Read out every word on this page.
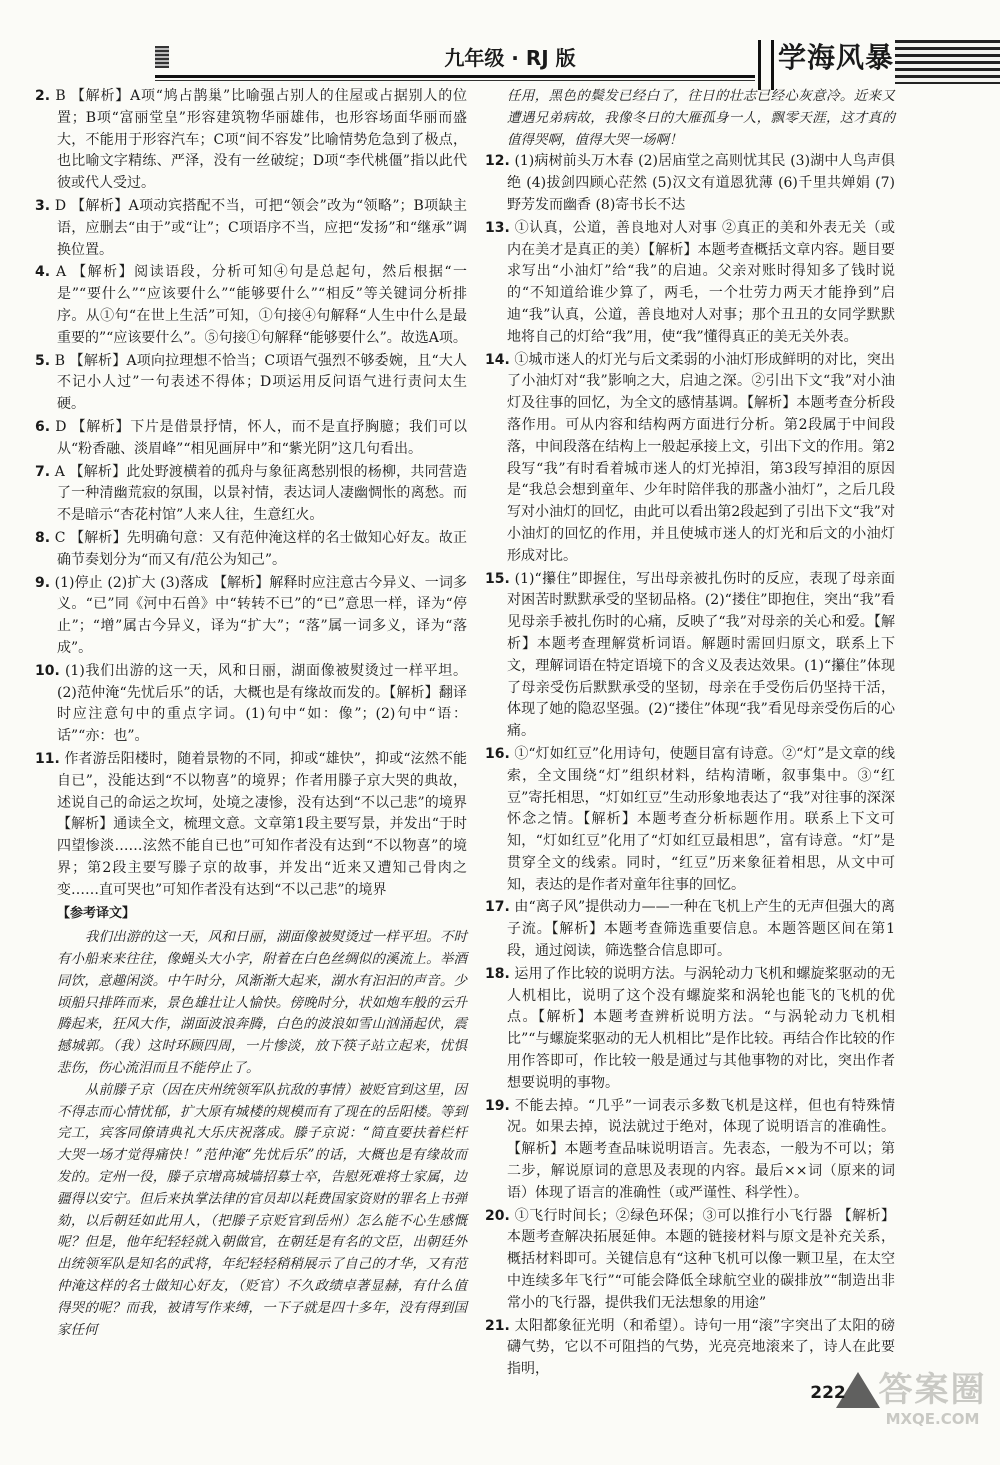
九年级 · RJ 版	学海风暴

2. B 【解析】A项“鸠占鹊巢”比喻强占别人的住屋或占据别人的位置；B项“富丽堂皇”形容建筑物华丽雄伟，也形容场面华丽而盛大，不能用于形容汽车；C项“间不容发”比喻情势危急到了极点，也比喻文字精练、严泽，没有一丝破绽；D项“李代桃僵”指以此代彼或代人受过。

3. D 【解析】A项动宾搭配不当，可把“领会”改为“领略”；B项缺主语，应删去“由于”或“让”；C项语序不当，应把“发扬”和“继承”调换位置。

4. A 【解析】阅读语段，分析可知④句是总起句，然后根据“一是”“要什么”“应该要什么”“能够要什么”“相反”等关键词分析排序。从①句“在世上生活”可知，①句接④句解释“人生中什么是最重要的”“应该要什么”。⑤句接①句解释“能够要什么”。故选A项。

5. B 【解析】A项向拉理想不恰当；C项语气强烈不够委婉，且“大人不记小人过”一句表述不得体；D项运用反问语气进行责问太生硬。

6. D 【解析】下片是借景抒情，怀人，而不是直抒胸臆；我们可以从“粉香融、淡眉峰”“相见画屏中”和“紫光阴”这几句看出。

7. A 【解析】此处野渡横着的孤舟与象征离愁别恨的杨柳，共同营造了一种清幽荒寂的氛围，以景衬情，表达词人凄幽惆怅的离愁。而不是暗示“杏花村馆”人来人往，生意红火。

8. C 【解析】先明确句意：又有范仲淹这样的名士做知心好友。故正确节奏划分为“而又有/范公为知己”。

9. (1)停止 (2)扩大 (3)落成 【解析】解释时应注意古今异义、一词多义。“已”同《河中石兽》中“转转不已”的“已”意思一样，译为“停止”；“增”属古今异义，译为“扩大”；“落”属一词多义，译为“落成”。

10. (1)我们出游的这一天，风和日丽，湖面像被熨烫过一样平坦。(2)范仲淹“先忧后乐”的话，大概也是有缘故而发的。【解析】翻译时应注意句中的重点字词。(1)句中“如：像”；(2)句中“语：话”“亦：也”。

11. 作者游岳阳楼时，随着景物的不同，抑或“雄快”，抑或“泫然不能自已”，没能达到“不以物喜”的境界；作者用滕子京大哭的典故，述说自己的命运之坎坷，处境之凄惨，没有达到“不以己悲”的境界 【解析】通读全文，梳理文意。文章第1段主要写景，并发出“于时四望惨淡……泫然不能自已也”可知作者没有达到“不以物喜”的境界；第2段主要写滕子京的故事，并发出“近来又遭知己骨肉之变……直可哭也”可知作者没有达到“不以己悲”的境界

【参考译文】

我们出游的这一天，风和日丽，湖面像被熨烫过一样平坦。不时有小船来来往往，像蝇头大小字，附着在白色丝绸似的溪流上。举酒同饮，意趣闲淡。中午时分，风渐渐大起来，湖水有汩汩的声音。少顷船只排阵而来，景色雄壮让人愉快。傍晚时分，状如炮车般的云升腾起来，狂风大作，湖面波浪奔腾，白色的波浪如雪山汹涌起伏，震撼城郭。（我）这时环顾四周，一片惨淡，放下筷子站立起来，忧惧悲伤，伤心流泪而且不能停止了。

从前滕子京（因在庆州统领军队抗敌的事情）被贬官到这里，因不得志而心情忧郁，扩大原有城楼的规模而有了现在的岳阳楼。等到完工，宾客同僚请典礼大乐庆祝落成。滕子京说：“简直要扶着栏杆大哭一场才觉得痛快！”范仲淹“先忧后乐”的话，大概也是有缘故而发的。定州一役，滕子京增高城墙招募士卒，告慰死难将士家属，边疆得以安宁。但后来执掌法律的官员却以耗费国家资财的罪名上书弹劾，以后朝廷如此用人，（把滕子京贬官到岳州）怎么能不心生感慨呢？但是，他年纪轻轻就入朝做官，在朝廷是有名的文臣，出朝廷外出统领军队是知名的武将，年纪轻轻稍稍展示了自己的才华，又有范仲淹这样的名士做知心好友，（贬官）不久政绩卓著显赫，有什么值得哭的呢？而我，被请写作来缚，一下子就是四十多年，没有得到国家任何

任用，黑色的鬓发已经白了，往日的壮志已经心灰意冷。近来又遭遇兄弟病故，我像冬日的大雁孤身一人，飘零天涯，这才真的值得哭啊，值得大哭一场啊！

12. (1)病树前头万木春 (2)居庙堂之高则忧其民 (3)湖中人鸟声俱绝 (4)拔剑四顾心茫然 (5)汉文有道恩犹薄 (6)千里共婵娟 (7)野芳发而幽香 (8)寄书长不达

13. ①认真，公道，善良地对人对事 ②真正的美和外表无关（或内在美才是真正的美）【解析】本题考查概括文章内容。题目要求写出“小油灯”给“我”的启迪。父亲对账时得知多了钱时说的“不知道给谁少算了，两毛，一个壮劳力两天才能挣到”启迪“我”认真，公道，善良地对人对事；那个丑丑的女同学默默地将自己的灯给“我”用，使“我”懂得真正的美无关外表。

14. ①城市迷人的灯光与后文柔弱的小油灯形成鲜明的对比，突出了小油灯对“我”影响之大，启迪之深。②引出下文“我”对小油灯及往事的回忆，为全文的感情基调。【解析】本题考查分析段落作用。可从内容和结构两方面进行分析。第2段属于中间段落，中间段落在结构上一般起承接上文，引出下文的作用。第2段写“我”有时看着城市迷人的灯光掉泪，第3段写掉泪的原因是“我总会想到童年、少年时陪伴我的那盏小油灯”，之后几段写对小油灯的回忆，由此可以看出第2段起到了引出下文“我”对小油灯的回忆的作用，并且使城市迷人的灯光和后文的小油灯形成对比。

15. (1)“攥住”即握住，写出母亲被扎伤时的反应，表现了母亲面对困苦时默默承受的坚韧品格。(2)“搂住”即抱住，突出“我”看见母亲手被扎伤时的心痛，反映了“我”对母亲的关心和爱。【解析】本题考查理解赏析词语。解题时需回归原文，联系上下文，理解词语在特定语境下的含义及表达效果。(1)“攥住”体现了母亲受伤后默默承受的坚韧，母亲在手受伤后仍坚持干活，体现了她的隐忍坚强。(2)“搂住”体现“我”看见母亲受伤后的心痛。

16. ①“灯如红豆”化用诗句，使题目富有诗意。②“灯”是文章的线索，全文围绕“灯”组织材料，结构清晰，叙事集中。③“红豆”寄托相思，“灯如红豆”生动形象地表达了“我”对往事的深深怀念之情。【解析】本题考查分析标题作用。联系上下文可知，“灯如红豆”化用了“灯如红豆最相思”，富有诗意。“灯”是贯穿全文的线索。同时，“红豆”历来象征着相思，从文中可知，表达的是作者对童年往事的回忆。

17. 由“离子风”提供动力——一种在飞机上产生的无声但强大的离子流。【解析】本题考查筛选重要信息。本题答题区间在第1段，通过阅读，筛选整合信息即可。

18. 运用了作比较的说明方法。与涡轮动力飞机和螺旋桨驱动的无人机相比，说明了这个没有螺旋桨和涡轮也能飞的飞机的优点。【解析】本题考查辨析说明方法。“与涡轮动力飞机相比”“与螺旋桨驱动的无人机相比”是作比较。再结合作比较的作用作答即可，作比较一般是通过与其他事物的对比，突出作者想要说明的事物。

19. 不能去掉。“几乎”一词表示多数飞机是这样，但也有特殊情况。如果去掉，说法就过于绝对，体现了说明语言的准确性。【解析】本题考查品味说明语言。先表态，一般为不可以；第二步，解说原词的意思及表现的内容。最后××词（原来的词语）体现了语言的准确性（或严谨性、科学性）。

20. ①飞行时间长；②绿色环保；③可以推行小飞行器 【解析】本题考查解决拓展延伸。本题的链接材料与原文是补充关系，概括材料即可。关键信息有“这种飞机可以像一颗卫星，在太空中连续多年飞行”“可能会降低全球航空业的碳排放”“制造出非常小的飞行器，提供我们无法想象的用途”

21. 太阳都象征光明（和希望）。诗句一用“滚”字突出了太阳的磅礴气势，它以不可阻挡的气势，光亮亮地滚来了，诗人在此要指明，

222 答案圈
MXQE.COM
